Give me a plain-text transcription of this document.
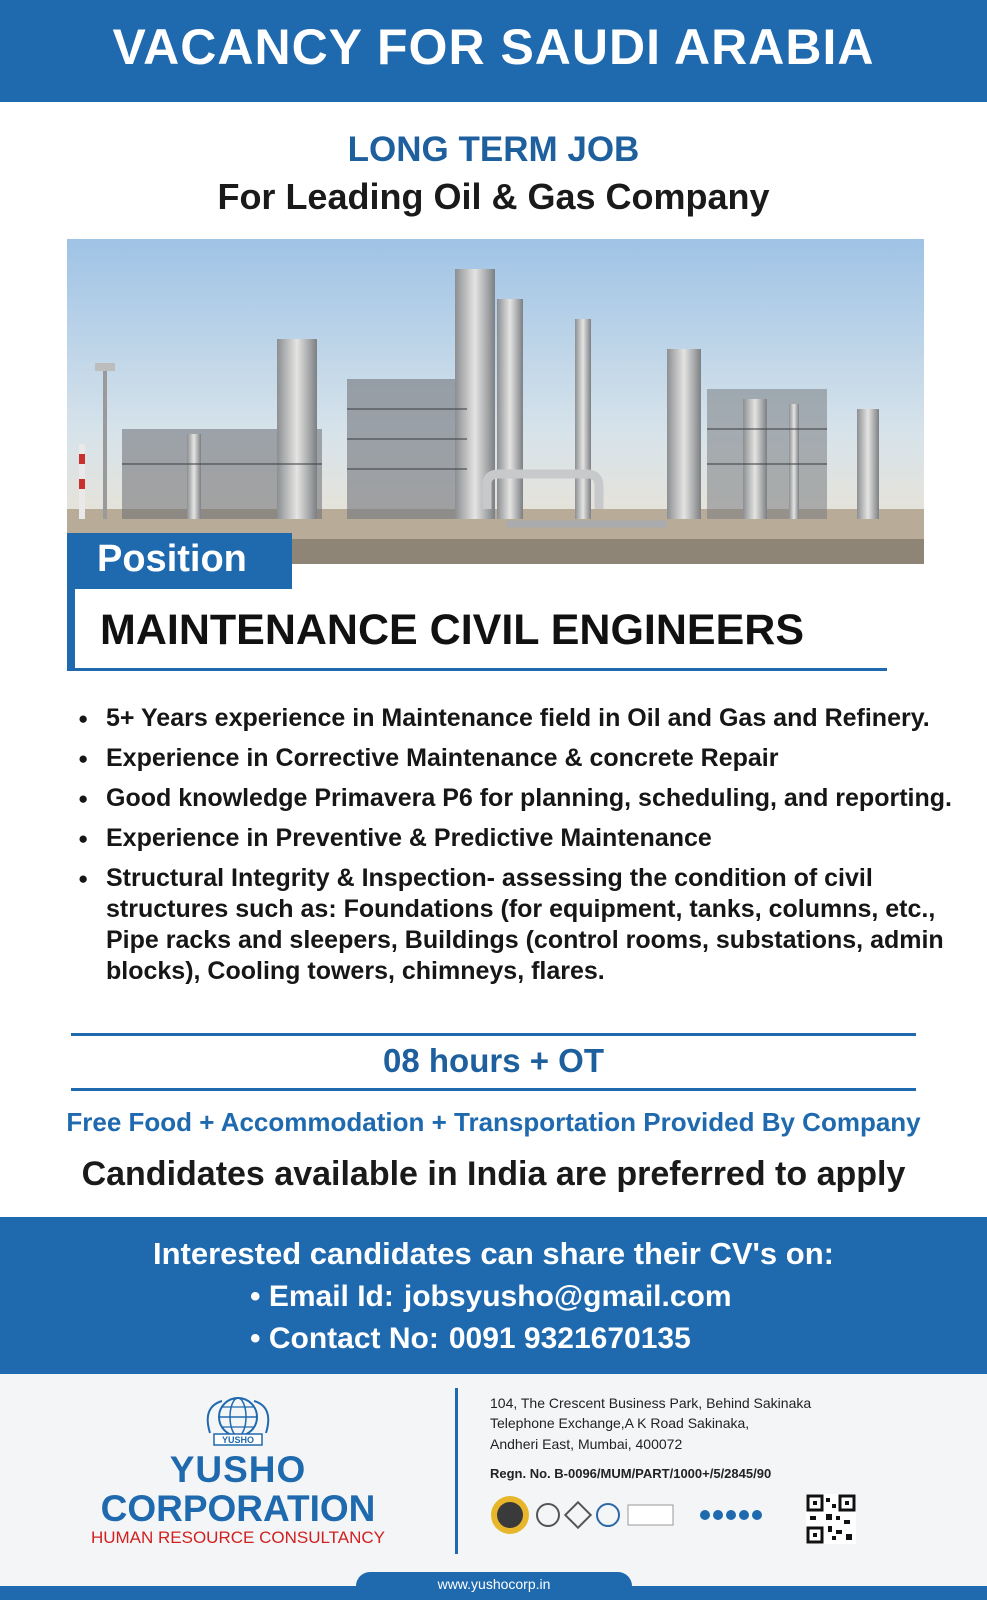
VACANCY FOR SAUDI ARABIA
LONG TERM JOB
For Leading Oil & Gas Company
Position
MAINTENANCE CIVIL ENGINEERS
● 5+ Years experience in Maintenance field in Oil and Gas and Refinery.
● Experience in Corrective Maintenance & concrete Repair
● Good knowledge Primavera P6 for planning, scheduling, and reporting.
● Experience in Preventive & Predictive Maintenance
● Structural Integrity & Inspection- assessing the condition of civil structures such as: Foundations (for equipment, tanks, columns, etc., Pipe racks and sleepers, Buildings (control rooms, substations, admin blocks), Cooling towers, chimneys, flares.
08 hours + OT
Free Food + Accommodation + Transportation Provided By Company
Candidates available in India are preferred to apply
Interested candidates can share their CV's on:
• Email Id: jobsyusho@gmail.com
• Contact No: 0091 9321670135
YUSHO
YUSHO
CORPORATION
HUMAN RESOURCE CONSULTANCY
104, The Crescent Business Park, Behind Sakinaka
Telephone Exchange,A K Road Sakinaka,
Andheri East, Mumbai, 400072
Regn. No. B-0096/MUM/PART/1000+/5/2845/90
www.yushocorp.in
